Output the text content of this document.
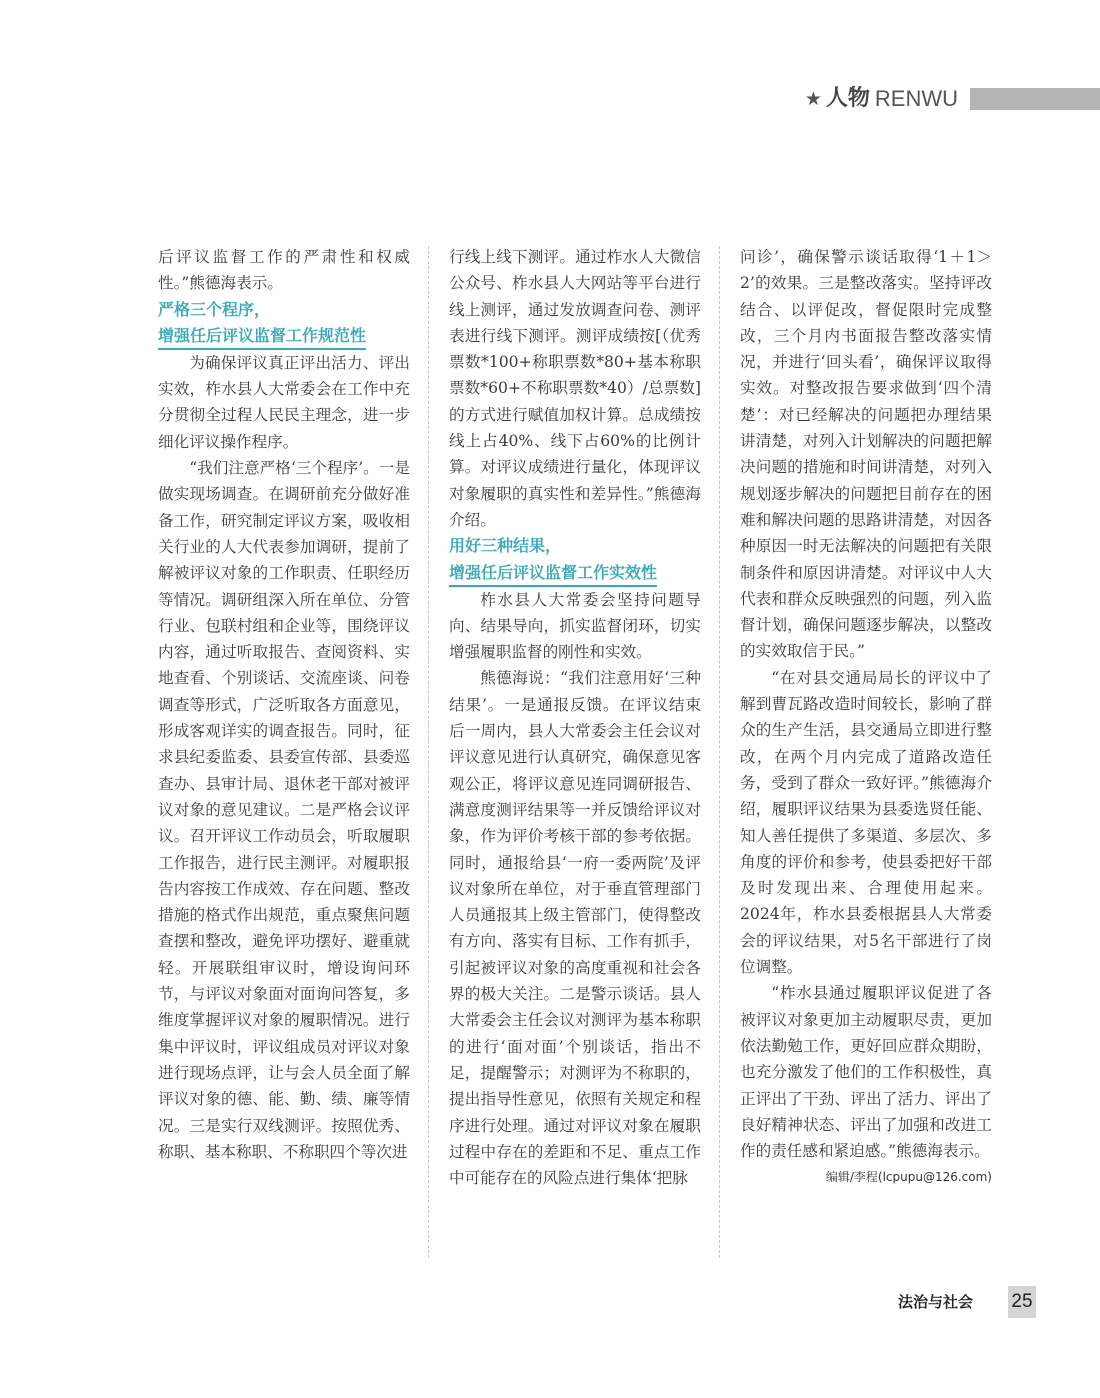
★ 人物 RENWU

后评议监督工作的严肃性和权威性。”熊德海表示。

严格三个程序，
增强任后评议监督工作规范性

为确保评议真正评出活力、评出实效，柞水县人大常委会在工作中充分贯彻全过程人民民主理念，进一步细化评议操作程序。

“我们注意严格‘三个程序’。一是做实现场调查。在调研前充分做好准备工作，研究制定评议方案，吸收相关行业的人大代表参加调研，提前了解被评议对象的工作职责、任职经历等情况。调研组深入所在单位、分管行业、包联村组和企业等，围绕评议内容，通过听取报告、查阅资料、实地查看、个别谈话、交流座谈、问卷调查等形式，广泛听取各方面意见，形成客观详实的调查报告。同时，征求县纪委监委、县委宣传部、县委巡查办、县审计局、退休老干部对被评议对象的意见建议。二是严格会议评议。召开评议工作动员会，听取履职工作报告，进行民主测评。对履职报告内容按工作成效、存在问题、整改措施的格式作出规范，重点聚焦问题查摆和整改，避免评功摆好、避重就轻。开展联组审议时，增设询问环节，与评议对象面对面询问答复，多维度掌握评议对象的履职情况。进行集中评议时，评议组成员对评议对象进行现场点评，让与会人员全面了解评议对象的德、能、勤、绩、廉等情况。三是实行双线测评。按照优秀、称职、基本称职、不称职四个等次进

行线上线下测评。通过柞水人大微信公众号、柞水县人大网站等平台进行线上测评，通过发放调查问卷、测评表进行线下测评。测评成绩按[（优秀票数*100+称职票数*80+基本称职票数*60+不称职票数*40）/总票数]的方式进行赋值加权计算。总成绩按线上占40%、线下占60%的比例计算。对评议成绩进行量化，体现评议对象履职的真实性和差异性。”熊德海介绍。

用好三种结果，
增强任后评议监督工作实效性

柞水县人大常委会坚持问题导向、结果导向，抓实监督闭环，切实增强履职监督的刚性和实效。

熊德海说：“我们注意用好‘三种结果’。一是通报反馈。在评议结束后一周内，县人大常委会主任会议对评议意见进行认真研究，确保意见客观公正，将评议意见连同调研报告、满意度测评结果等一并反馈给评议对象，作为评价考核干部的参考依据。同时，通报给县‘一府一委两院’及评议对象所在单位，对于垂直管理部门人员通报其上级主管部门，使得整改有方向、落实有目标、工作有抓手，引起被评议对象的高度重视和社会各界的极大关注。二是警示谈话。县人大常委会主任会议对测评为基本称职的进行‘面对面’个别谈话，指出不足，提醒警示；对测评为不称职的，提出指导性意见，依照有关规定和程序进行处理。通过对评议对象在履职过程中存在的差距和不足、重点工作中可能存在的风险点进行集体‘把脉

问诊’，确保警示谈话取得‘1＋1＞2’的效果。三是整改落实。坚持评改结合、以评促改，督促限时完成整改，三个月内书面报告整改落实情况，并进行‘回头看’，确保评议取得实效。对整改报告要求做到‘四个清楚’：对已经解决的问题把办理结果讲清楚，对列入计划解决的问题把解决问题的措施和时间讲清楚，对列入规划逐步解决的问题把目前存在的困难和解决问题的思路讲清楚，对因各种原因一时无法解决的问题把有关限制条件和原因讲清楚。对评议中人大代表和群众反映强烈的问题，列入监督计划，确保问题逐步解决，以整改的实效取信于民。”

“在对县交通局局长的评议中了解到曹瓦路改造时间较长，影响了群众的生产生活，县交通局立即进行整改，在两个月内完成了道路改造任务，受到了群众一致好评。”熊德海介绍，履职评议结果为县委选贤任能、知人善任提供了多渠道、多层次、多角度的评价和参考，使县委把好干部及时发现出来、合理使用起来。2024年，柞水县委根据县人大常委会的评议结果，对5名干部进行了岗位调整。

“柞水县通过履职评议促进了各被评议对象更加主动履职尽责，更加依法勤勉工作，更好回应群众期盼，也充分激发了他们的工作积极性，真正评出了干劲、评出了活力、评出了良好精神状态、评出了加强和改进工作的责任感和紧迫感。”熊德海表示。

编辑/李程(lcpupu@126.com)
法治与社会 25
